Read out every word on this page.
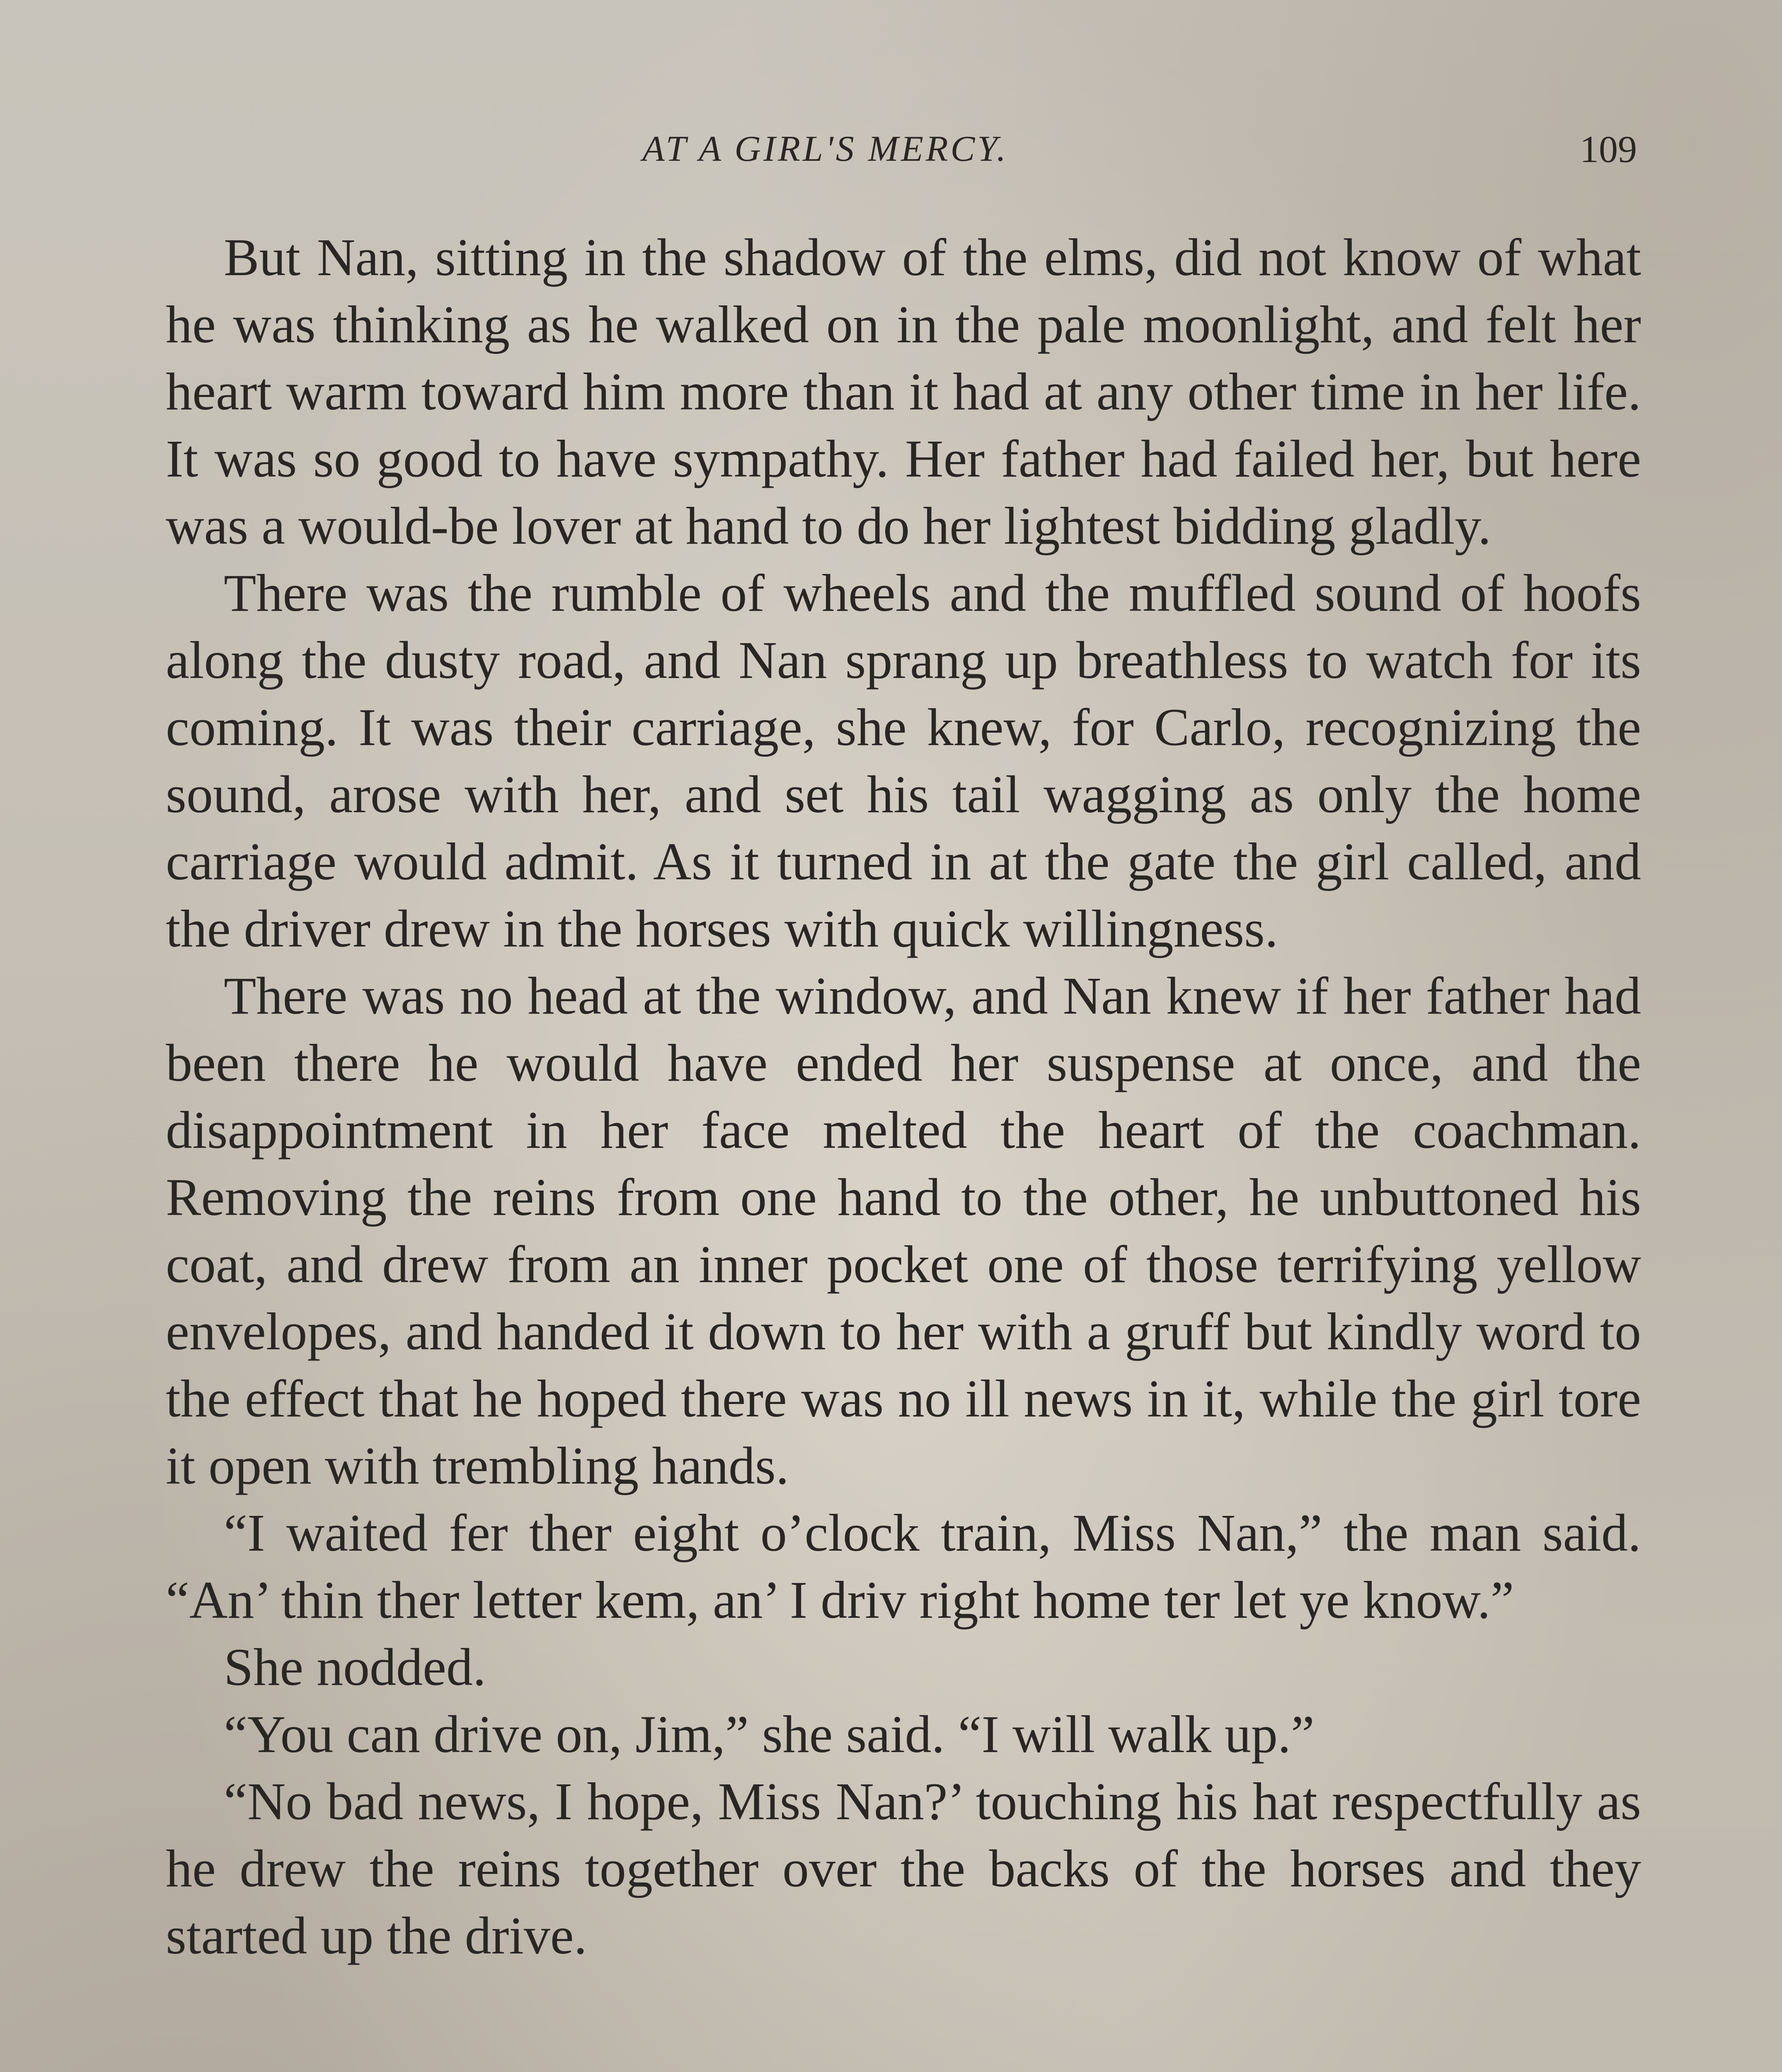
AT A GIRL'S MERCY.	109

But Nan, sitting in the shadow of the elms, did not know of what he was thinking as he walked on in the pale moonlight, and felt her heart warm toward him more than it had at any other time in her life. It was so good to have sympathy. Her father had failed her, but here was a would-be lover at hand to do her lightest bidding gladly.

There was the rumble of wheels and the muffled sound of hoofs along the dusty road, and Nan sprang up breathless to watch for its coming. It was their carriage, she knew, for Carlo, recognizing the sound, arose with her, and set his tail wagging as only the home carriage would admit. As it turned in at the gate the girl called, and the driver drew in the horses with quick willingness.

There was no head at the window, and Nan knew if her father had been there he would have ended her suspense at once, and the disappointment in her face melted the heart of the coachman. Removing the reins from one hand to the other, he unbuttoned his coat, and drew from an inner pocket one of those terrifying yellow envelopes, and handed it down to her with a gruff but kindly word to the effect that he hoped there was no ill news in it, while the girl tore it open with trembling hands.

“I waited fer ther eight o’clock train, Miss Nan,” the man said. “An’ thin ther letter kem, an’ I driv right home ter let ye know.”

She nodded.

“You can drive on, Jim,” she said. “I will walk up.”

“No bad news, I hope, Miss Nan?’ touching his hat respectfully as he drew the reins together over the backs of the horses and they started up the drive.
